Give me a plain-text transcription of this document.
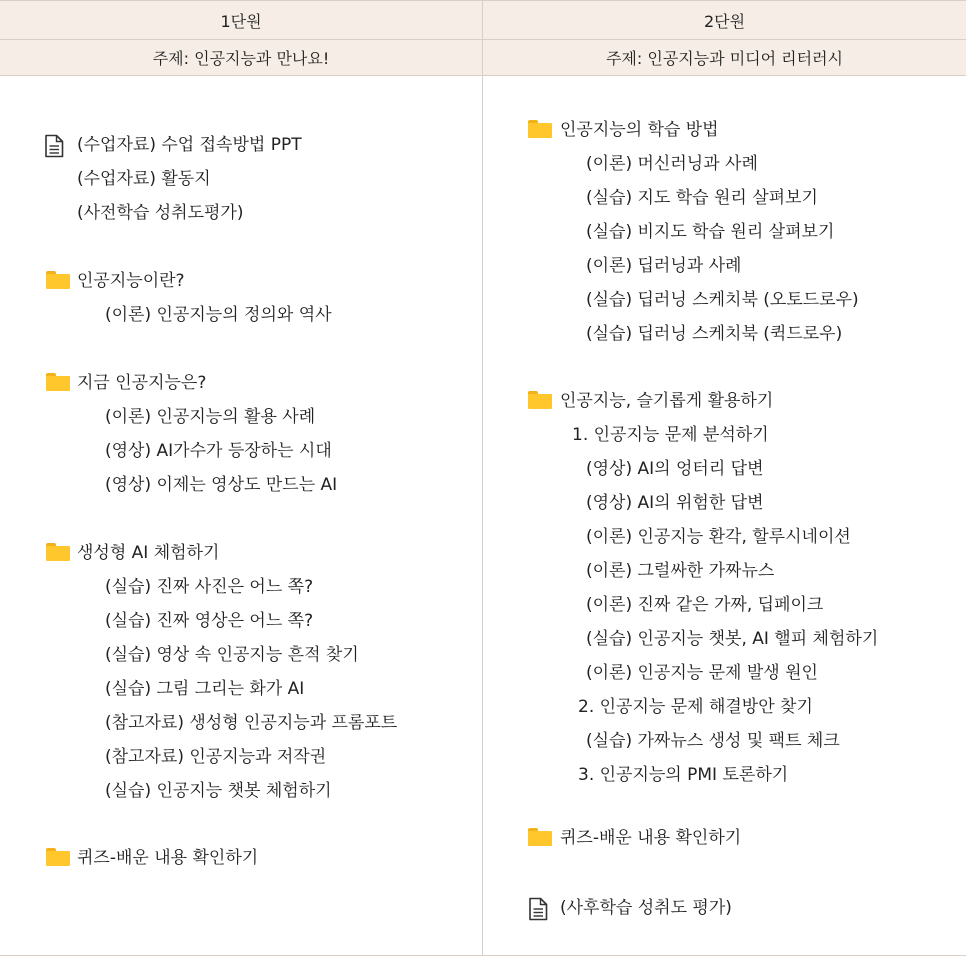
1단원	2단원
주제: 인공지능과 만나요!	주제: 인공지능과 미디어 리터러시
(수업자료) 수업 접속방법 PPT
(수업자료) 활동지
(사전학습 성취도평가)
인공지능이란?
(이론) 인공지능의 정의와 역사
지금 인공지능은?
(이론) 인공지능의 활용 사례
(영상) AI가수가 등장하는 시대
(영상) 이제는 영상도 만드는 AI
생성형 AI 체험하기
(실습) 진짜 사진은 어느 쪽?
(실습) 진짜 영상은 어느 쪽?
(실습) 영상 속 인공지능 흔적 찾기
(실습) 그림 그리는 화가 AI
(참고자료) 생성형 인공지능과 프롬포트
(참고자료) 인공지능과 저작권
(실습) 인공지능 챗봇 체험하기
퀴즈-배운 내용 확인하기
인공지능의 학습 방법
(이론) 머신러닝과 사례
(실습) 지도 학습 원리 살펴보기
(실습) 비지도 학습 원리 살펴보기
(이론) 딥러닝과 사례
(실습) 딥러닝 스케치북 (오토드로우)
(실습) 딥러닝 스케치북 (퀵드로우)
인공지능, 슬기롭게 활용하기
1. 인공지능 문제 분석하기
(영상) AI의 엉터리 답변
(영상) AI의 위험한 답변
(이론) 인공지능 환각, 할루시네이션
(이론) 그럴싸한 가짜뉴스
(이론) 진짜 같은 가짜, 딥페이크
(실습) 인공지능 챗봇, AI 핼피 체험하기
(이론) 인공지능 문제 발생 원인
2. 인공지능 문제 해결방안 찾기
(실습) 가짜뉴스 생성 및 팩트 체크
3. 인공지능의 PMI 토론하기
퀴즈-배운 내용 확인하기
(사후학습 성취도 평가)
